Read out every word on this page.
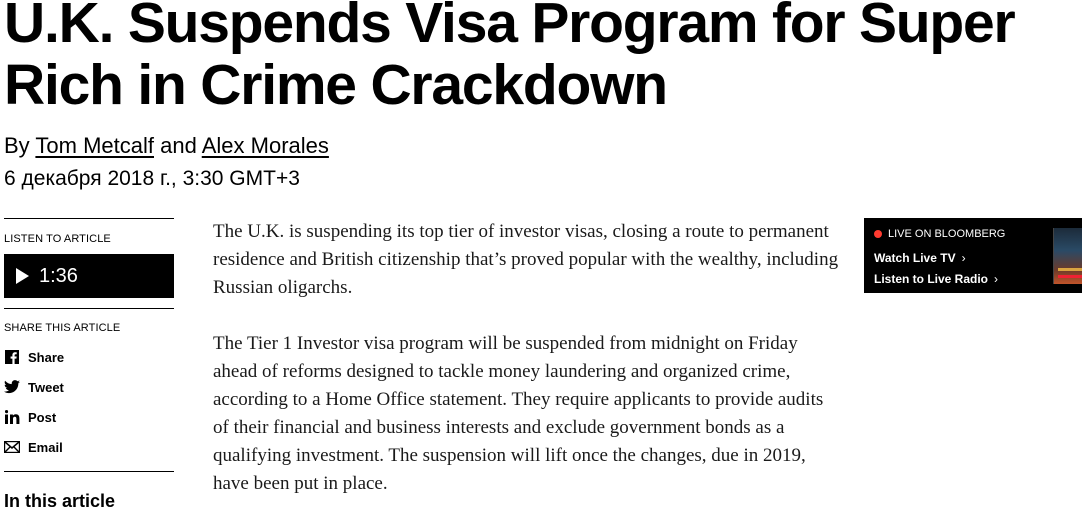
U.K. Suspends Visa Program for Super Rich in Crime Crackdown
By Tom Metcalf and Alex Morales
6 декабря 2018 г., 3:30 GMT+3
LISTEN TO ARTICLE
1:36
SHARE THIS ARTICLE
Share
Tweet
Post
Email
In this article

The U.K. is suspending its top tier of investor visas, closing a route to permanent residence and British citizenship that’s proved popular with the wealthy, including Russian oligarchs.

The Tier 1 Investor visa program will be suspended from midnight on Friday ahead of reforms designed to tackle money laundering and organized crime, according to a Home Office statement. They require applicants to provide audits of their financial and business interests and exclude government bonds as a qualifying investment. The suspension will lift once the changes, due in 2019, have been put in place.

LIVE ON BLOOMBERG
Watch Live TV ›
Listen to Live Radio ›
